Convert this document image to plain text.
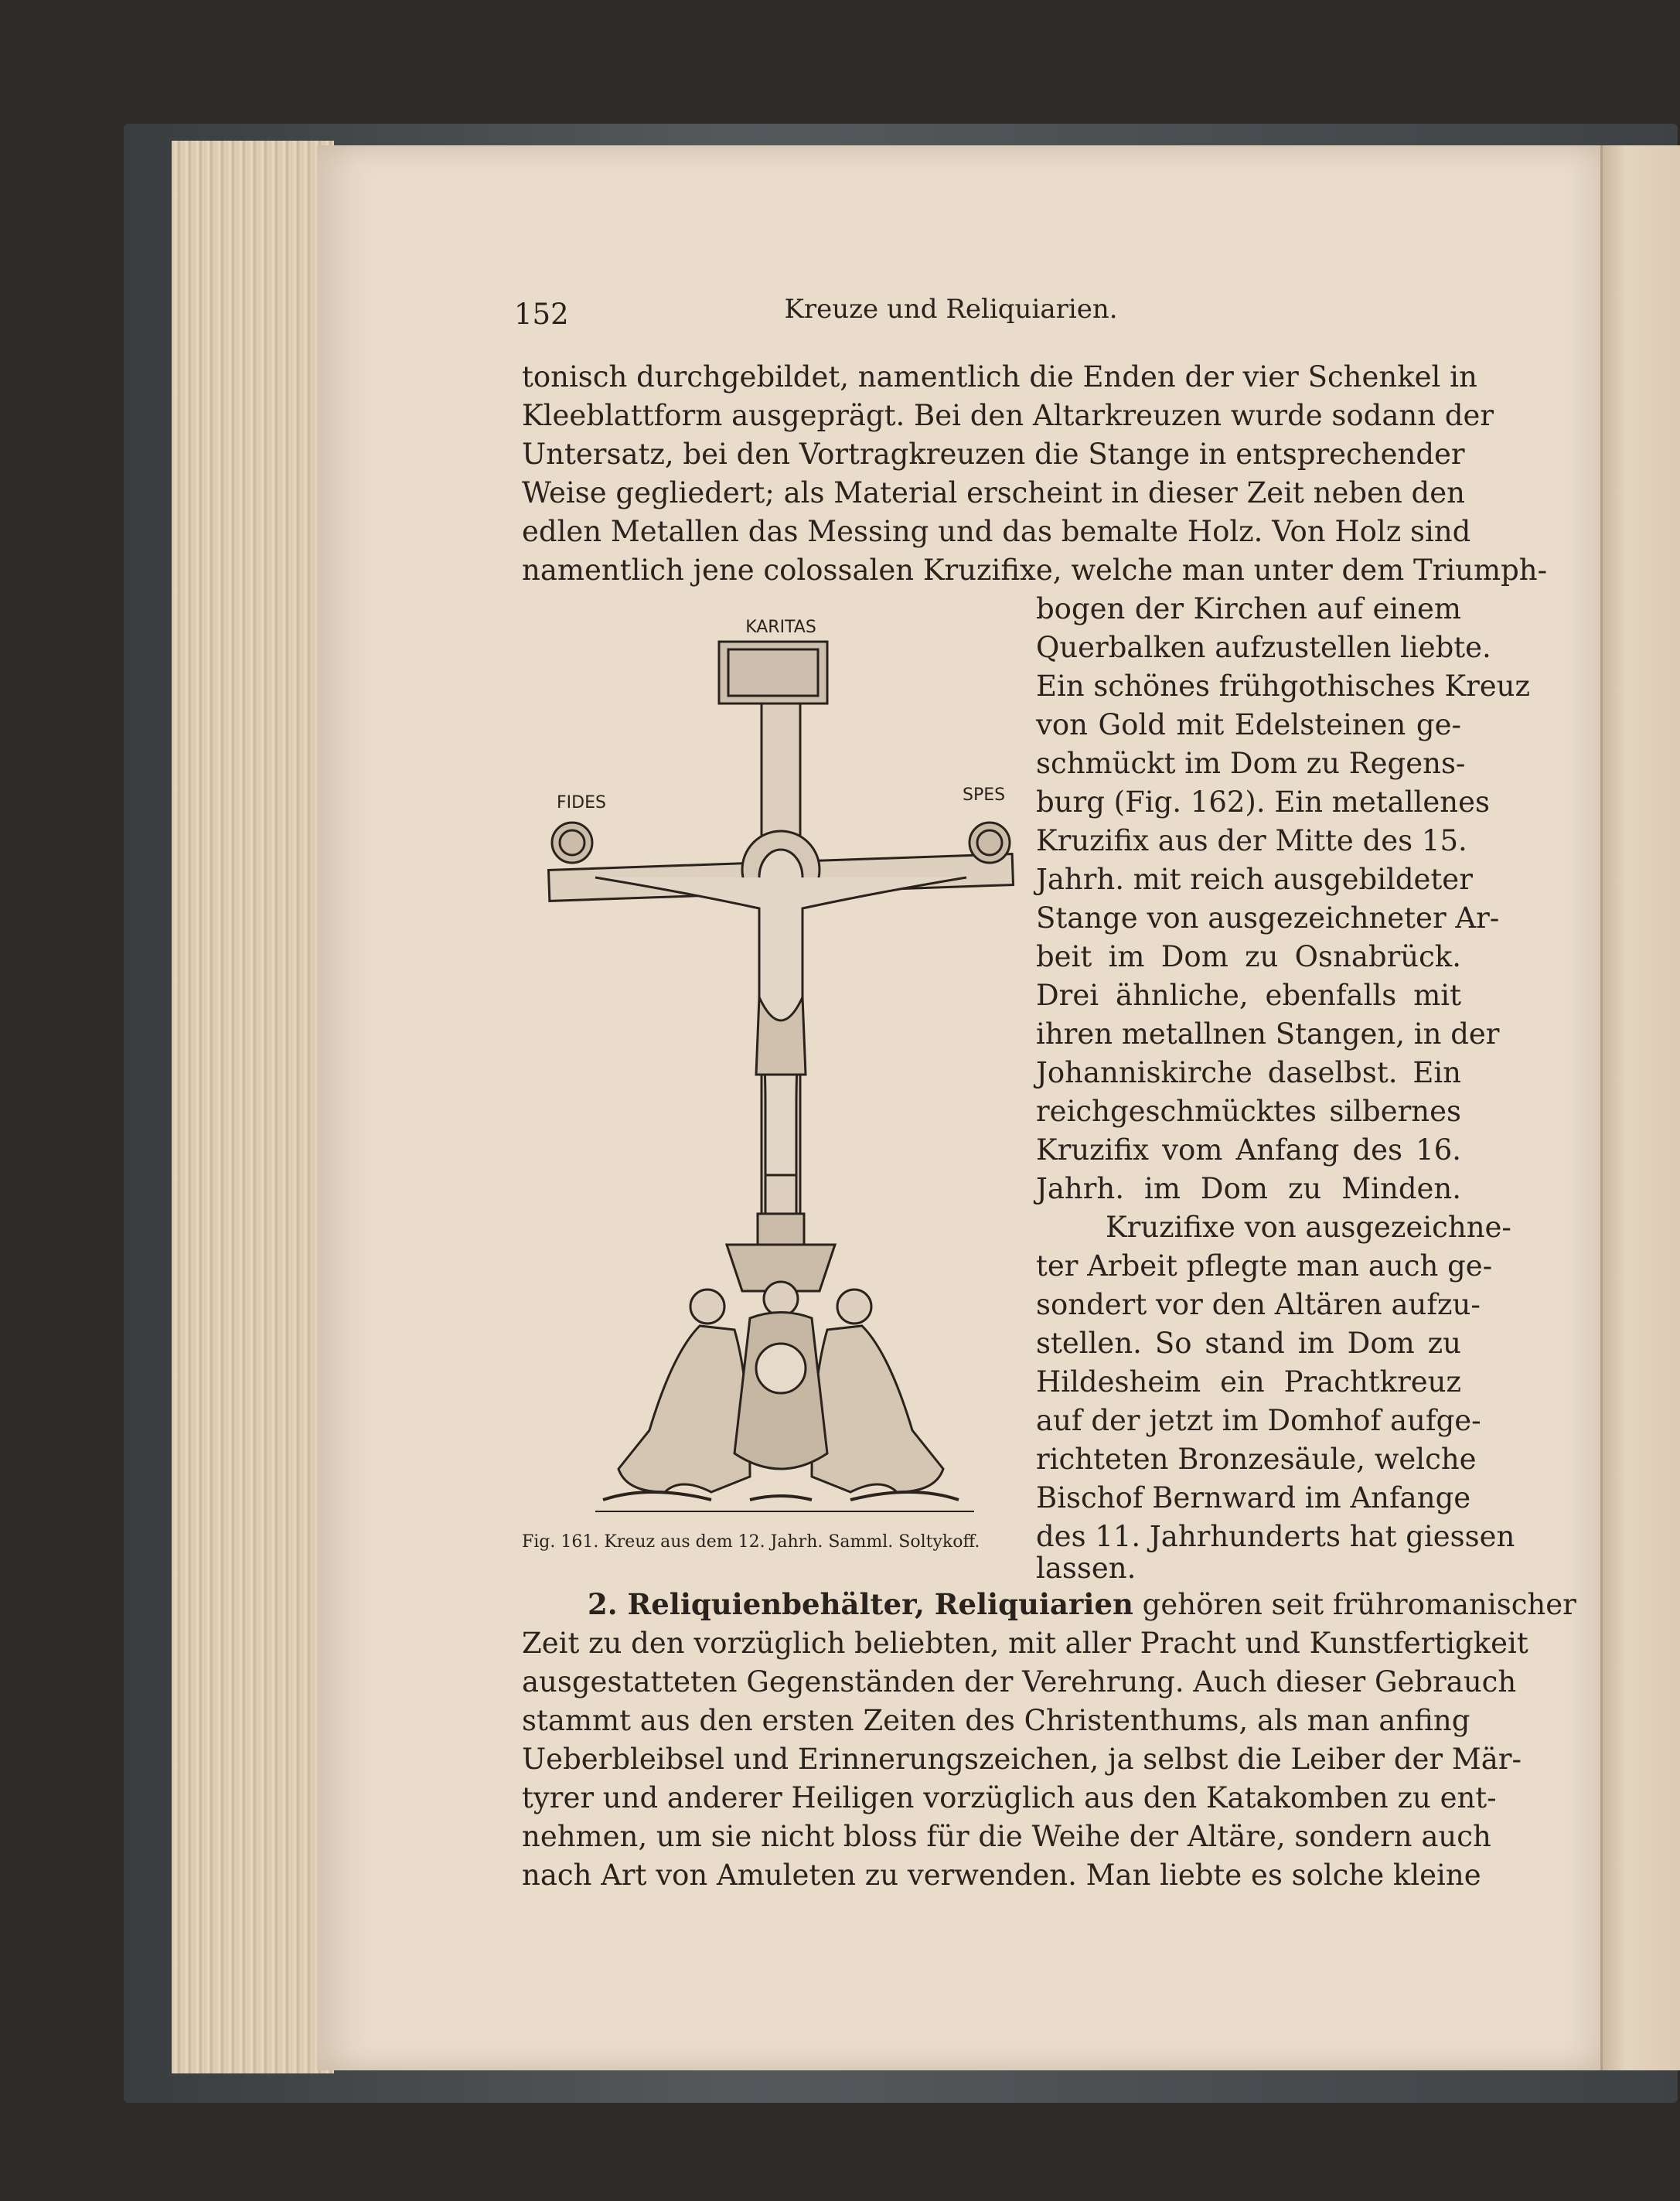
152	Kreuze und Reliquiarien.
tonisch durchgebildet, namentlich die Enden der vier Schenkel in
Kleeblattform ausgeprägt. Bei den Altarkreuzen wurde sodann der
Untersatz, bei den Vortragkreuzen die Stange in entsprechender
Weise gegliedert; als Material erscheint in dieser Zeit neben den
edlen Metallen das Messing und das bemalte Holz. Von Holz sind
namentlich jene colossalen Kruzifixe, welche man unter dem Triumph-
bogen der Kirchen auf einem
Querbalken aufzustellen liebte.
Ein schönes frühgothisches Kreuz
von Gold mit Edelsteinen ge-
schmückt im Dom zu Regens-
burg (Fig. 162). Ein metallenes
Kruzifix aus der Mitte des 15.
Jahrh. mit reich ausgebildeter
Stange von ausgezeichneter Ar-
beit im Dom zu Osnabrück.
Drei ähnliche, ebenfalls mit
ihren metallnen Stangen, in der
Johanniskirche daselbst. Ein
reichgeschmücktes silbernes
Kruzifix vom Anfang des 16.
Jahrh. im Dom zu Minden.
Kruzifixe von ausgezeichne-
ter Arbeit pflegte man auch ge-
sondert vor den Altären aufzu-
stellen. So stand im Dom zu
Hildesheim ein Prachtkreuz
auf der jetzt im Domhof aufge-
richteten Bronzesäule, welche
Bischof Bernward im Anfange
des 11. Jahrhunderts hat giessen
lassen.
KARITAS
FIDES	SPES
Fig. 161. Kreuz aus dem 12. Jahrh. Samml. Soltykoff.
2. Reliquienbehälter, Reliquiarien gehören seit frühromanischer
Zeit zu den vorzüglich beliebten, mit aller Pracht und Kunstfertigkeit
ausgestatteten Gegenständen der Verehrung. Auch dieser Gebrauch
stammt aus den ersten Zeiten des Christenthums, als man anfing
Ueberbleibsel und Erinnerungszeichen, ja selbst die Leiber der Mär-
tyrer und anderer Heiligen vorzüglich aus den Katakomben zu ent-
nehmen, um sie nicht bloss für die Weihe der Altäre, sondern auch
nach Art von Amuleten zu verwenden. Man liebte es solche kleine
